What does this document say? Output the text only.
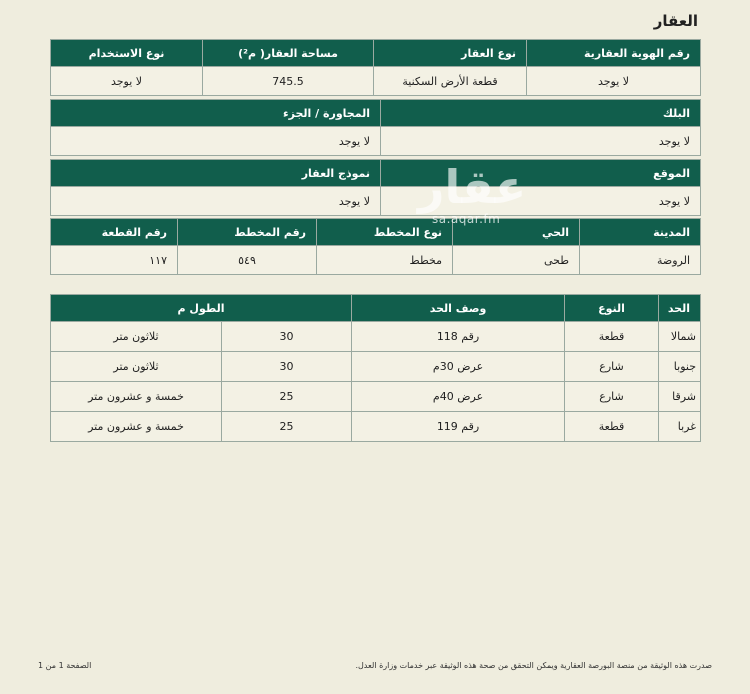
العقار
رقم الهوية العقارية	نوع العقار	مساحة العقار( م²)	نوع الاستخدام
لا يوجد	قطعة الأرض السكنية	745.5	لا يوجد
البلك	المجاورة / الجزء
لا يوجد	لا يوجد
الموقع	نموذج العقار
لا يوجد	لا يوجد
المدينة	الحي	نوع المخطط	رقم المخطط	رقم القطعة
الروضة	طحى	مخطط	٥٤٩	١١٧
الحد	النوع	وصف الحد	الطول م	
شمالا	قطعة	رقم 118	30	ثلاثون متر
جنوبا	شارع	عرض 30م	30	ثلاثون متر
شرقا	شارع	عرض 40م	25	خمسة و عشرون متر
غربا	قطعة	رقم 119	25	خمسة و عشرون متر
عقار
sa.aqar.fm
صدرت هذه الوثيقة من منصة البورصة العقارية ويمكن التحقق من صحة هذه الوثيقة عبر خدمات وزارة العدل.
الصفحة 1 من 1
